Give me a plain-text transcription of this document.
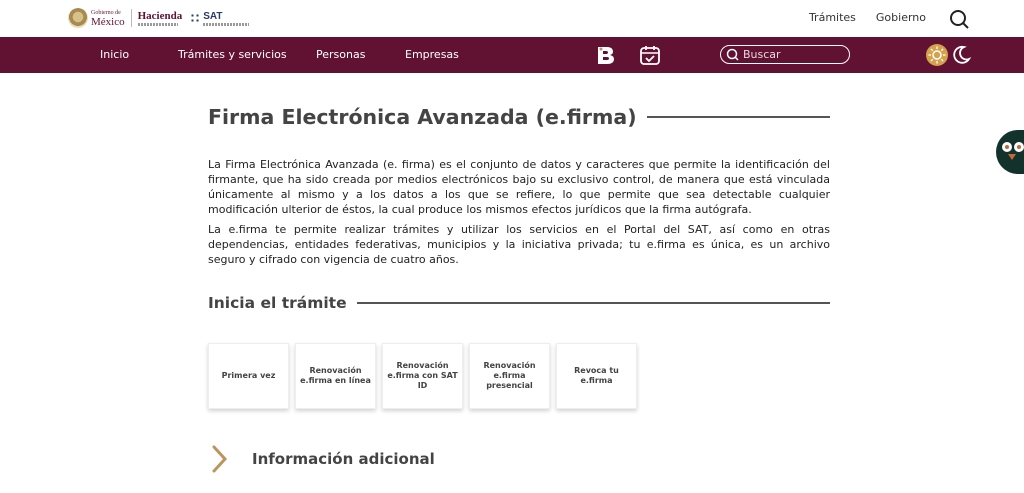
Gobierno de
México
Hacienda SAT	Trámites Gobierno
Inicio	Trámites y servicios	Personas	Empresas
Buscar
Firma Electrónica Avanzada (e.firma)

La Firma Electrónica Avanzada (e. firma) es el conjunto de datos y caracteres que permite la identificación del firmante, que ha sido creada por medios electrónicos bajo su exclusivo control, de manera que está vinculada únicamente al mismo y a los datos a los que se refiere, lo que permite que sea detectable cualquier modificación ulterior de éstos, la cual produce los mismos efectos jurídicos que la firma autógrafa.

La e.firma te permite realizar trámites y utilizar los servicios en el Portal del SAT, así como en otras dependencias, entidades federativas, municipios y la iniciativa privada; tu e.firma es única, es un archivo seguro y cifrado con vigencia de cuatro años.

Inicia el trámite
Primera vez
Renovación e.firma en línea
Renovación e.firma con SAT ID
Renovación e.firma presencial
Revoca tu e.firma
Información adicional
